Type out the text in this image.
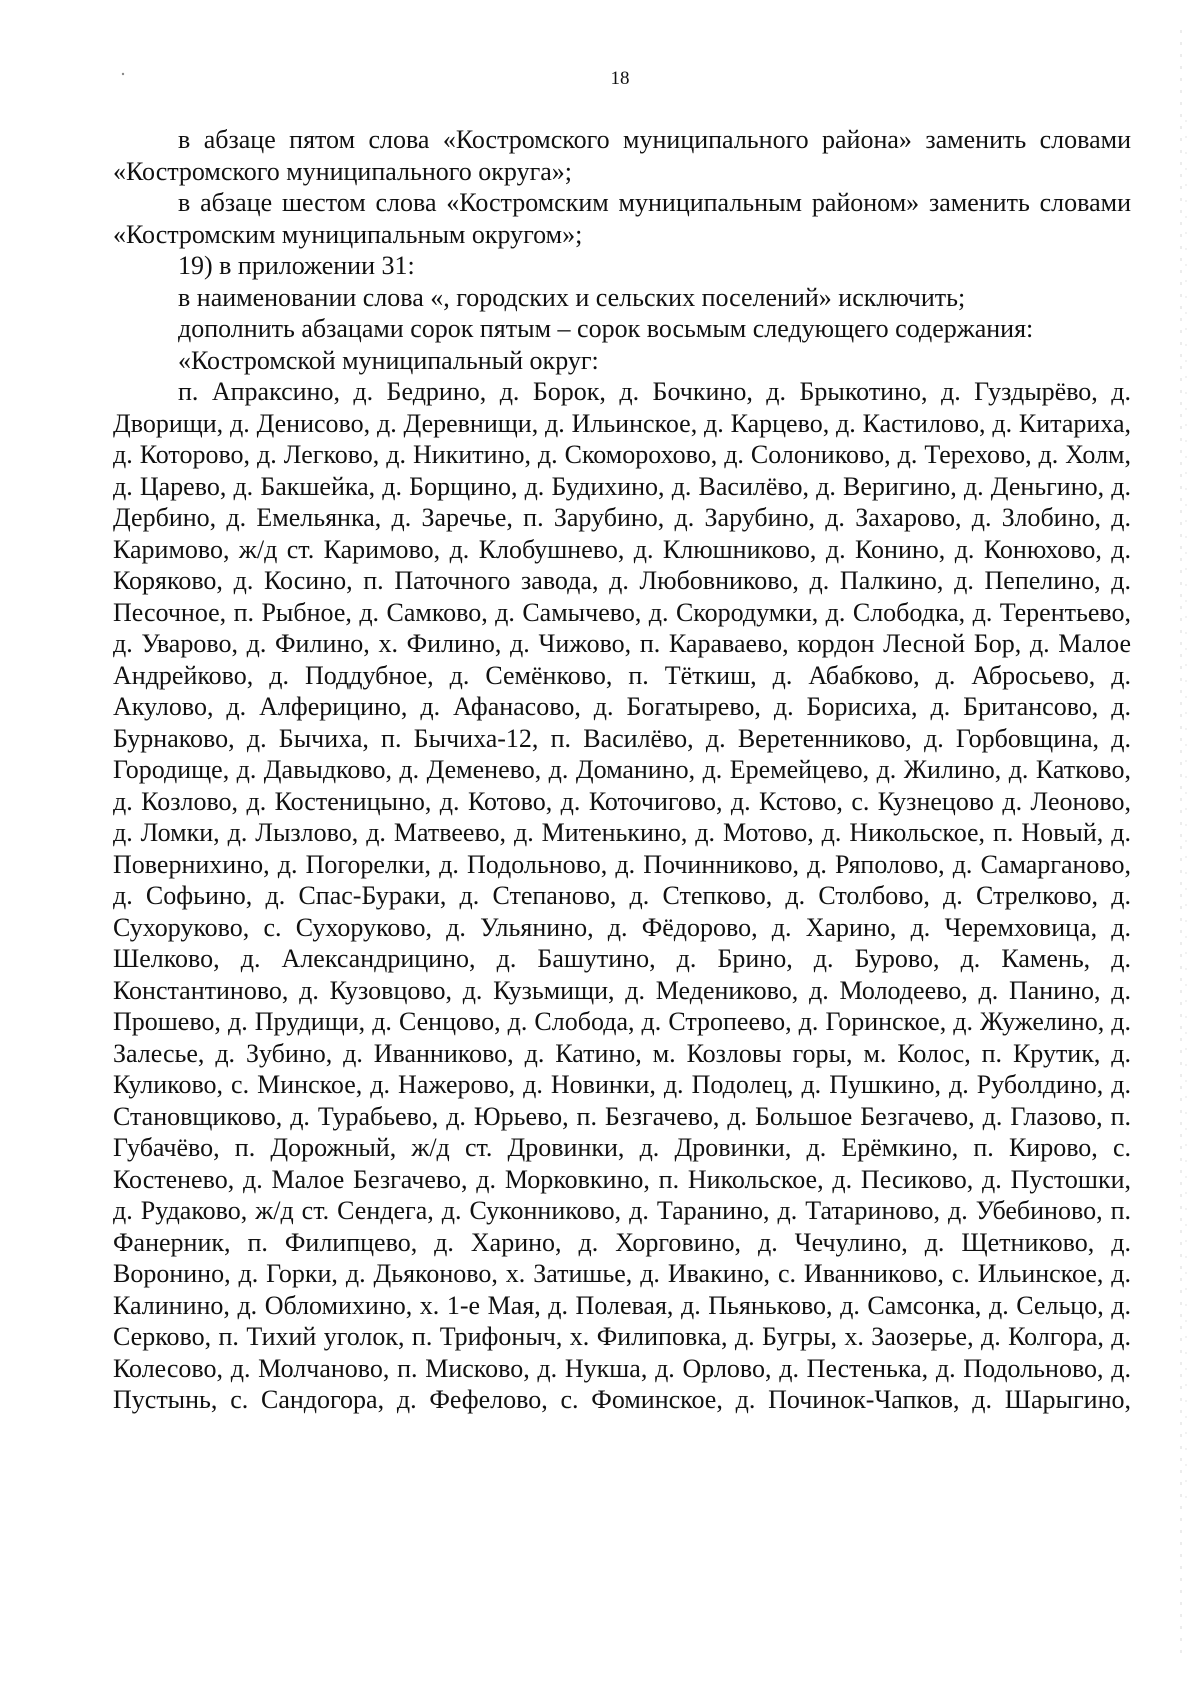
18

в абзаце пятом слова «Костромского муниципального района» заменить словами «Костромского муниципального округа»;

в абзаце шестом слова «Костромским муниципальным районом» заменить словами «Костромским муниципальным округом»;

19) в приложении 31:

в наименовании слова «, городских и сельских поселений» исключить;

дополнить абзацами сорок пятым – сорок восьмым следующего содержания:

«Костромской муниципальный округ:

п. Апраксино, д. Бедрино, д. Борок, д. Бочкино, д. Брыкотино, д. Гуздырёво, д. Дворищи, д. Денисово, д. Деревнищи, д. Ильинское, д. Карцево, д. Кастилово, д. Китариха, д. Которово, д. Легково, д. Никитино, д. Скоморохово, д. Солониково, д. Терехово, д. Холм, д. Царево, д. Бакшейка, д. Борщино, д. Будихино, д. Василёво, д. Веригино, д. Деньгино, д. Дербино, д. Емельянка, д. Заречье, п. Зарубино, д. Зарубино, д. Захарово, д. Злобино, д. Каримово, ж/д ст. Каримово, д. Клобушнево, д. Клюшниково, д. Конино, д. Конюхово, д. Коряково, д. Косино, п. Паточного завода, д. Любовниково, д. Палкино, д. Пепелино, д. Песочное, п. Рыбное, д. Самково, д. Самычево, д. Скородумки, д. Слободка, д. Терентьево, д. Уварово, д. Филино, х. Филино, д. Чижово, п. Караваево, кордон Лесной Бор, д. Малое Андрейково, д. Поддубное, д. Семёнково, п. Тёткиш, д. Абабково, д. Абросьево, д. Акулово, д. Алферицино, д. Афанасово, д. Богатырево, д. Борисиха, д. Британсово, д. Бурнаково, д. Бычиха, п. Бычиха-12, п. Василёво, д. Веретенниково, д. Горбовщина, д. Городище, д. Давыдково, д. Деменево, д. Доманино, д. Еремейцево, д. Жилино, д. Катково, д. Козлово, д. Костеницыно, д. Котово, д. Коточигово, д. Кстово, с. Кузнецово д. Леоново, д. Ломки, д. Лызлово, д. Матвеево, д. Митенькино, д. Мотово, д. Никольское, п. Новый, д. Повернихино, д. Погорелки, д. Подольново, д. Починниково, д. Ряполово, д. Самарганово, д. Софьино, д. Спас-Бураки, д. Степаново, д. Степково, д. Столбово, д. Стрелково, д. Сухоруково, с. Сухоруково, д. Ульянино, д. Фёдорово, д. Харино, д. Черемховица, д. Шелково, д. Александрицино, д. Башутино, д. Брино, д. Бурово, д. Камень, д. Константиново, д. Кузовцово, д. Кузьмищи, д. Медениково, д. Молодеево, д. Панино, д. Прошево, д. Прудищи, д. Сенцово, д. Слобода, д. Стропеево, д. Горинское, д. Жужелино, д. Залесье, д. Зубино, д. Иванниково, д. Катино, м. Козловы горы, м. Колос, п. Крутик, д. Куликово, с. Минское, д. Нажерово, д. Новинки, д. Подолец, д. Пушкино, д. Руболдино, д. Становщиково, д. Турабьево, д. Юрьево, п. Безгачево, д. Большое Безгачево, д. Глазово, п. Губачёво, п. Дорожный, ж/д ст. Дровинки, д. Дровинки, д. Ерёмкино, п. Кирово, с. Костенево, д. Малое Безгачево, д. Морковкино, п. Никольское, д. Песиково, д. Пустошки, д. Рудаково, ж/д ст. Сендега, д. Суконниково, д. Таранино, д. Татариново, д. Убебиново, п. Фанерник, п. Филипцево, д. Харино, д. Хорговино, д. Чечулино, д. Щетниково, д. Воронино, д. Горки, д. Дьяконово, х. Затишье, д. Ивакино, с. Иванниково, с. Ильинское, д. Калинино, д. Обломихино, х. 1-е Мая, д. Полевая, д. Пьяньково, д. Самсонка, д. Сельцо, д. Серково, п. Тихий уголок, п. Трифоныч, х. Филиповка, д. Бугры, х. Заозерье, д. Колгора, д. Колесово, д. Молчаново, п. Мисково, д. Нукша, д. Орлово, д. Пестенька, д. Подольново, д. Пустынь, с. Сандогора, д. Фефелово, с. Фоминское, д. Починок-Чапков, д. Шарыгино,
